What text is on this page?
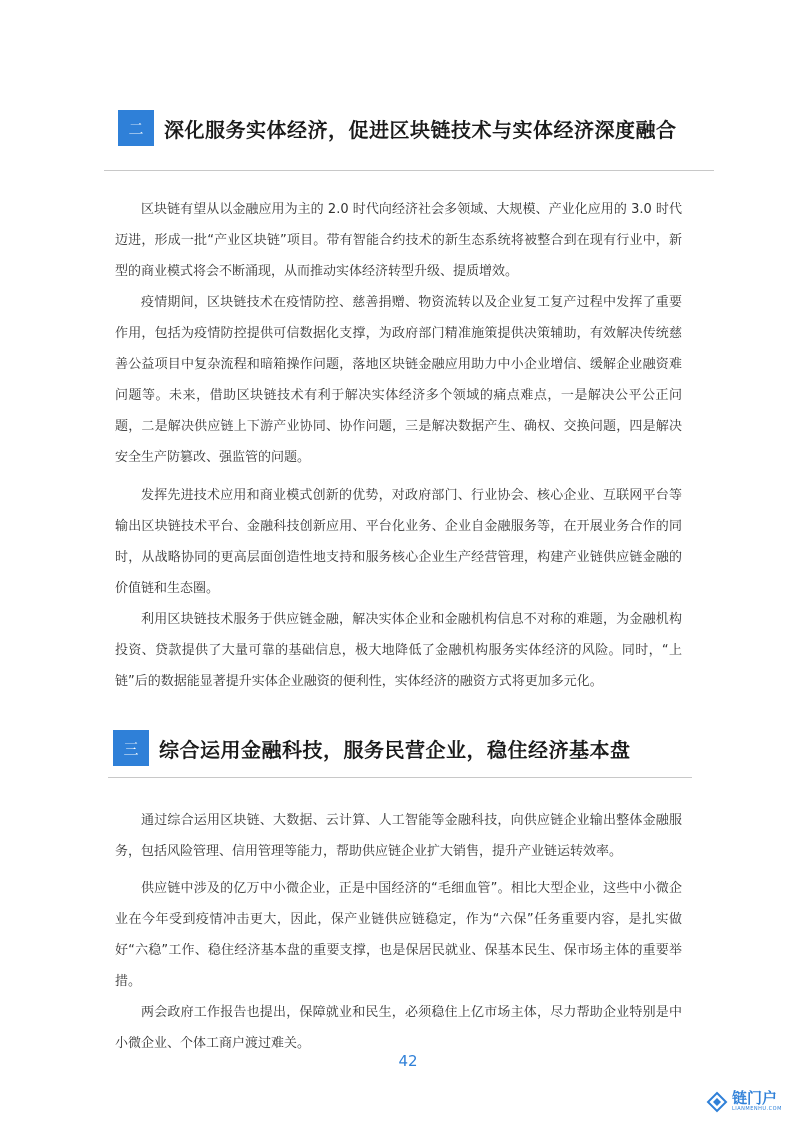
二	深化服务实体经济，促进区块链技术与实体经济深度融合

区块链有望从以金融应用为主的 2.0 时代向经济社会多领域、大规模、产业化应用的 3.0 时代迈进，形成一批“产业区块链”项目。带有智能合约技术的新生态系统将被整合到在现有行业中，新型的商业模式将会不断涌现，从而推动实体经济转型升级、提质增效。

疫情期间，区块链技术在疫情防控、慈善捐赠、物资流转以及企业复工复产过程中发挥了重要作用，包括为疫情防控提供可信数据化支撑，为政府部门精准施策提供决策辅助，有效解决传统慈善公益项目中复杂流程和暗箱操作问题，落地区块链金融应用助力中小企业增信、缓解企业融资难问题等。未来，借助区块链技术有利于解决实体经济多个领域的痛点难点，一是解决公平公正问题，二是解决供应链上下游产业协同、协作问题，三是解决数据产生、确权、交换问题，四是解决安全生产防篡改、强监管的问题。

发挥先进技术应用和商业模式创新的优势，对政府部门、行业协会、核心企业、互联网平台等输出区块链技术平台、金融科技创新应用、平台化业务、企业自金融服务等，在开展业务合作的同时，从战略协同的更高层面创造性地支持和服务核心企业生产经营管理，构建产业链供应链金融的价值链和生态圈。

利用区块链技术服务于供应链金融，解决实体企业和金融机构信息不对称的难题，为金融机构投资、贷款提供了大量可靠的基础信息，极大地降低了金融机构服务实体经济的风险。同时，“上链”后的数据能显著提升实体企业融资的便利性，实体经济的融资方式将更加多元化。

三	综合运用金融科技，服务民营企业，稳住经济基本盘

通过综合运用区块链、大数据、云计算、人工智能等金融科技，向供应链企业输出整体金融服务，包括风险管理、信用管理等能力，帮助供应链企业扩大销售，提升产业链运转效率。

供应链中涉及的亿万中小微企业，正是中国经济的“毛细血管”。相比大型企业，这些中小微企业在今年受到疫情冲击更大，因此，保产业链供应链稳定，作为“六保”任务重要内容，是扎实做好“六稳”工作、稳住经济基本盘的重要支撑，也是保居民就业、保基本民生、保市场主体的重要举措。

两会政府工作报告也提出，保障就业和民生，必须稳住上亿市场主体，尽力帮助企业特别是中小微企业、个体工商户渡过难关。

42
链门户
LIANMENHU.COM
